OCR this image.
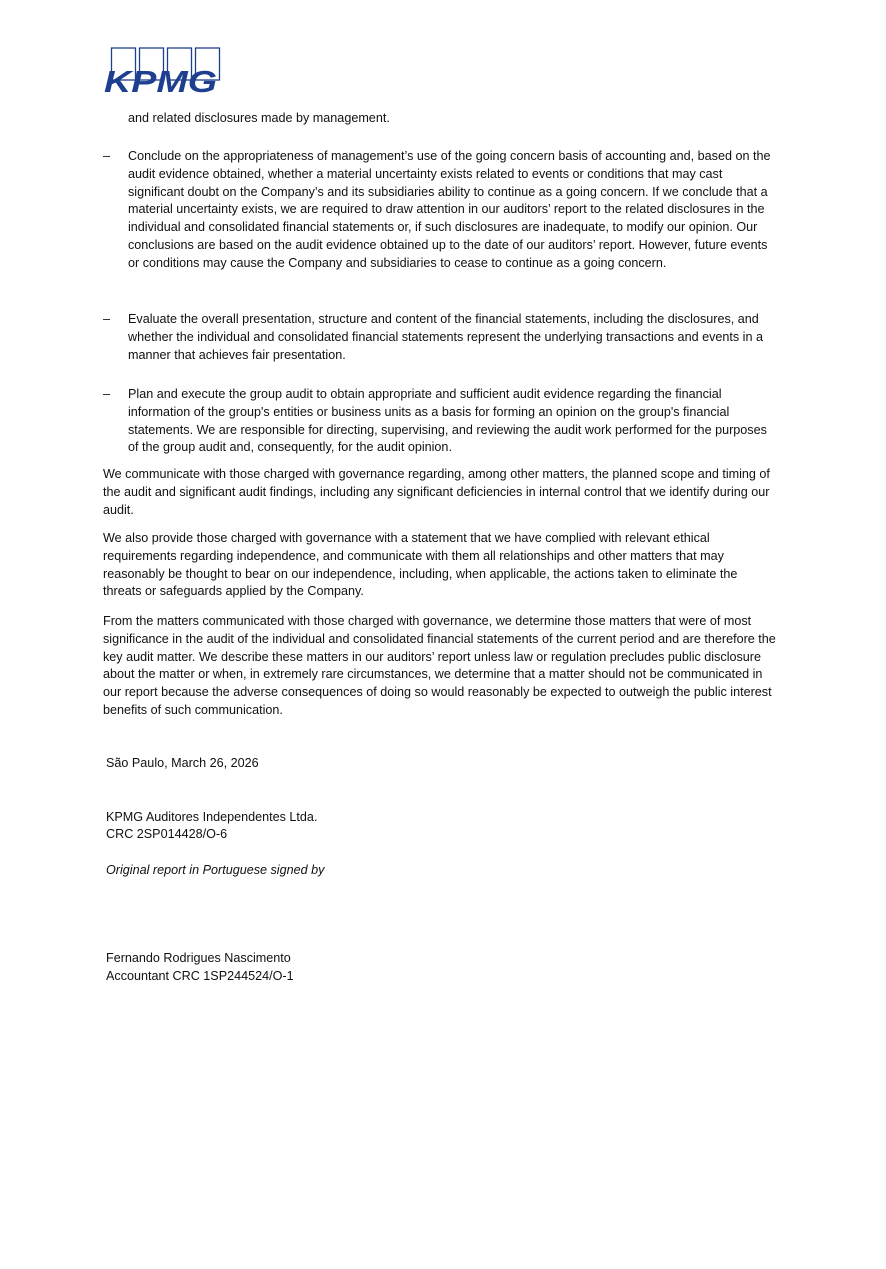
KPMG
and related disclosures made by management.
–	Conclude on the appropriateness of management’s use of the going concern basis of accounting and, based on the audit evidence obtained, whether a material uncertainty exists related to events or conditions that may cast significant doubt on the Company’s and its subsidiaries ability to continue as a going concern. If we conclude that a material uncertainty exists, we are required to draw attention in our auditors’ report to the related disclosures in the individual and consolidated financial statements or, if such disclosures are inadequate, to modify our opinion. Our conclusions are based on the audit evidence obtained up to the date of our auditors’ report. However, future events or conditions may cause the Company and subsidiaries to cease to continue as a going concern.
–	Evaluate the overall presentation, structure and content of the financial statements, including the disclosures, and whether the individual and consolidated financial statements represent the underlying transactions and events in a manner that achieves fair presentation.
–	Plan and execute the group audit to obtain appropriate and sufficient audit evidence regarding the financial information of the group's entities or business units as a basis for forming an opinion on the group's financial statements. We are responsible for directing, supervising, and reviewing the audit work performed for the purposes of the group audit and, consequently, for the audit opinion.
We communicate with those charged with governance regarding, among other matters, the planned scope and timing of the audit and significant audit findings, including any significant deficiencies in internal control that we identify during our audit.
We also provide those charged with governance with a statement that we have complied with relevant ethical requirements regarding independence, and communicate with them all relationships and other matters that may reasonably be thought to bear on our independence, including, when applicable, the actions taken to eliminate the threats or safeguards applied by the Company.
From the matters communicated with those charged with governance, we determine those matters that were of most significance in the audit of the individual and consolidated financial statements of the current period and are therefore the key audit matter. We describe these matters in our auditors’ report unless law or regulation precludes public disclosure about the matter or when, in extremely rare circumstances, we determine that a matter should not be communicated in our report because the adverse consequences of doing so would reasonably be expected to outweigh the public interest benefits of such communication.
São Paulo, March 26, 2026
KPMG Auditores Independentes Ltda.
CRC 2SP014428/O-6
Original report in Portuguese signed by
Fernando Rodrigues Nascimento
Accountant CRC 1SP244524/O-1
